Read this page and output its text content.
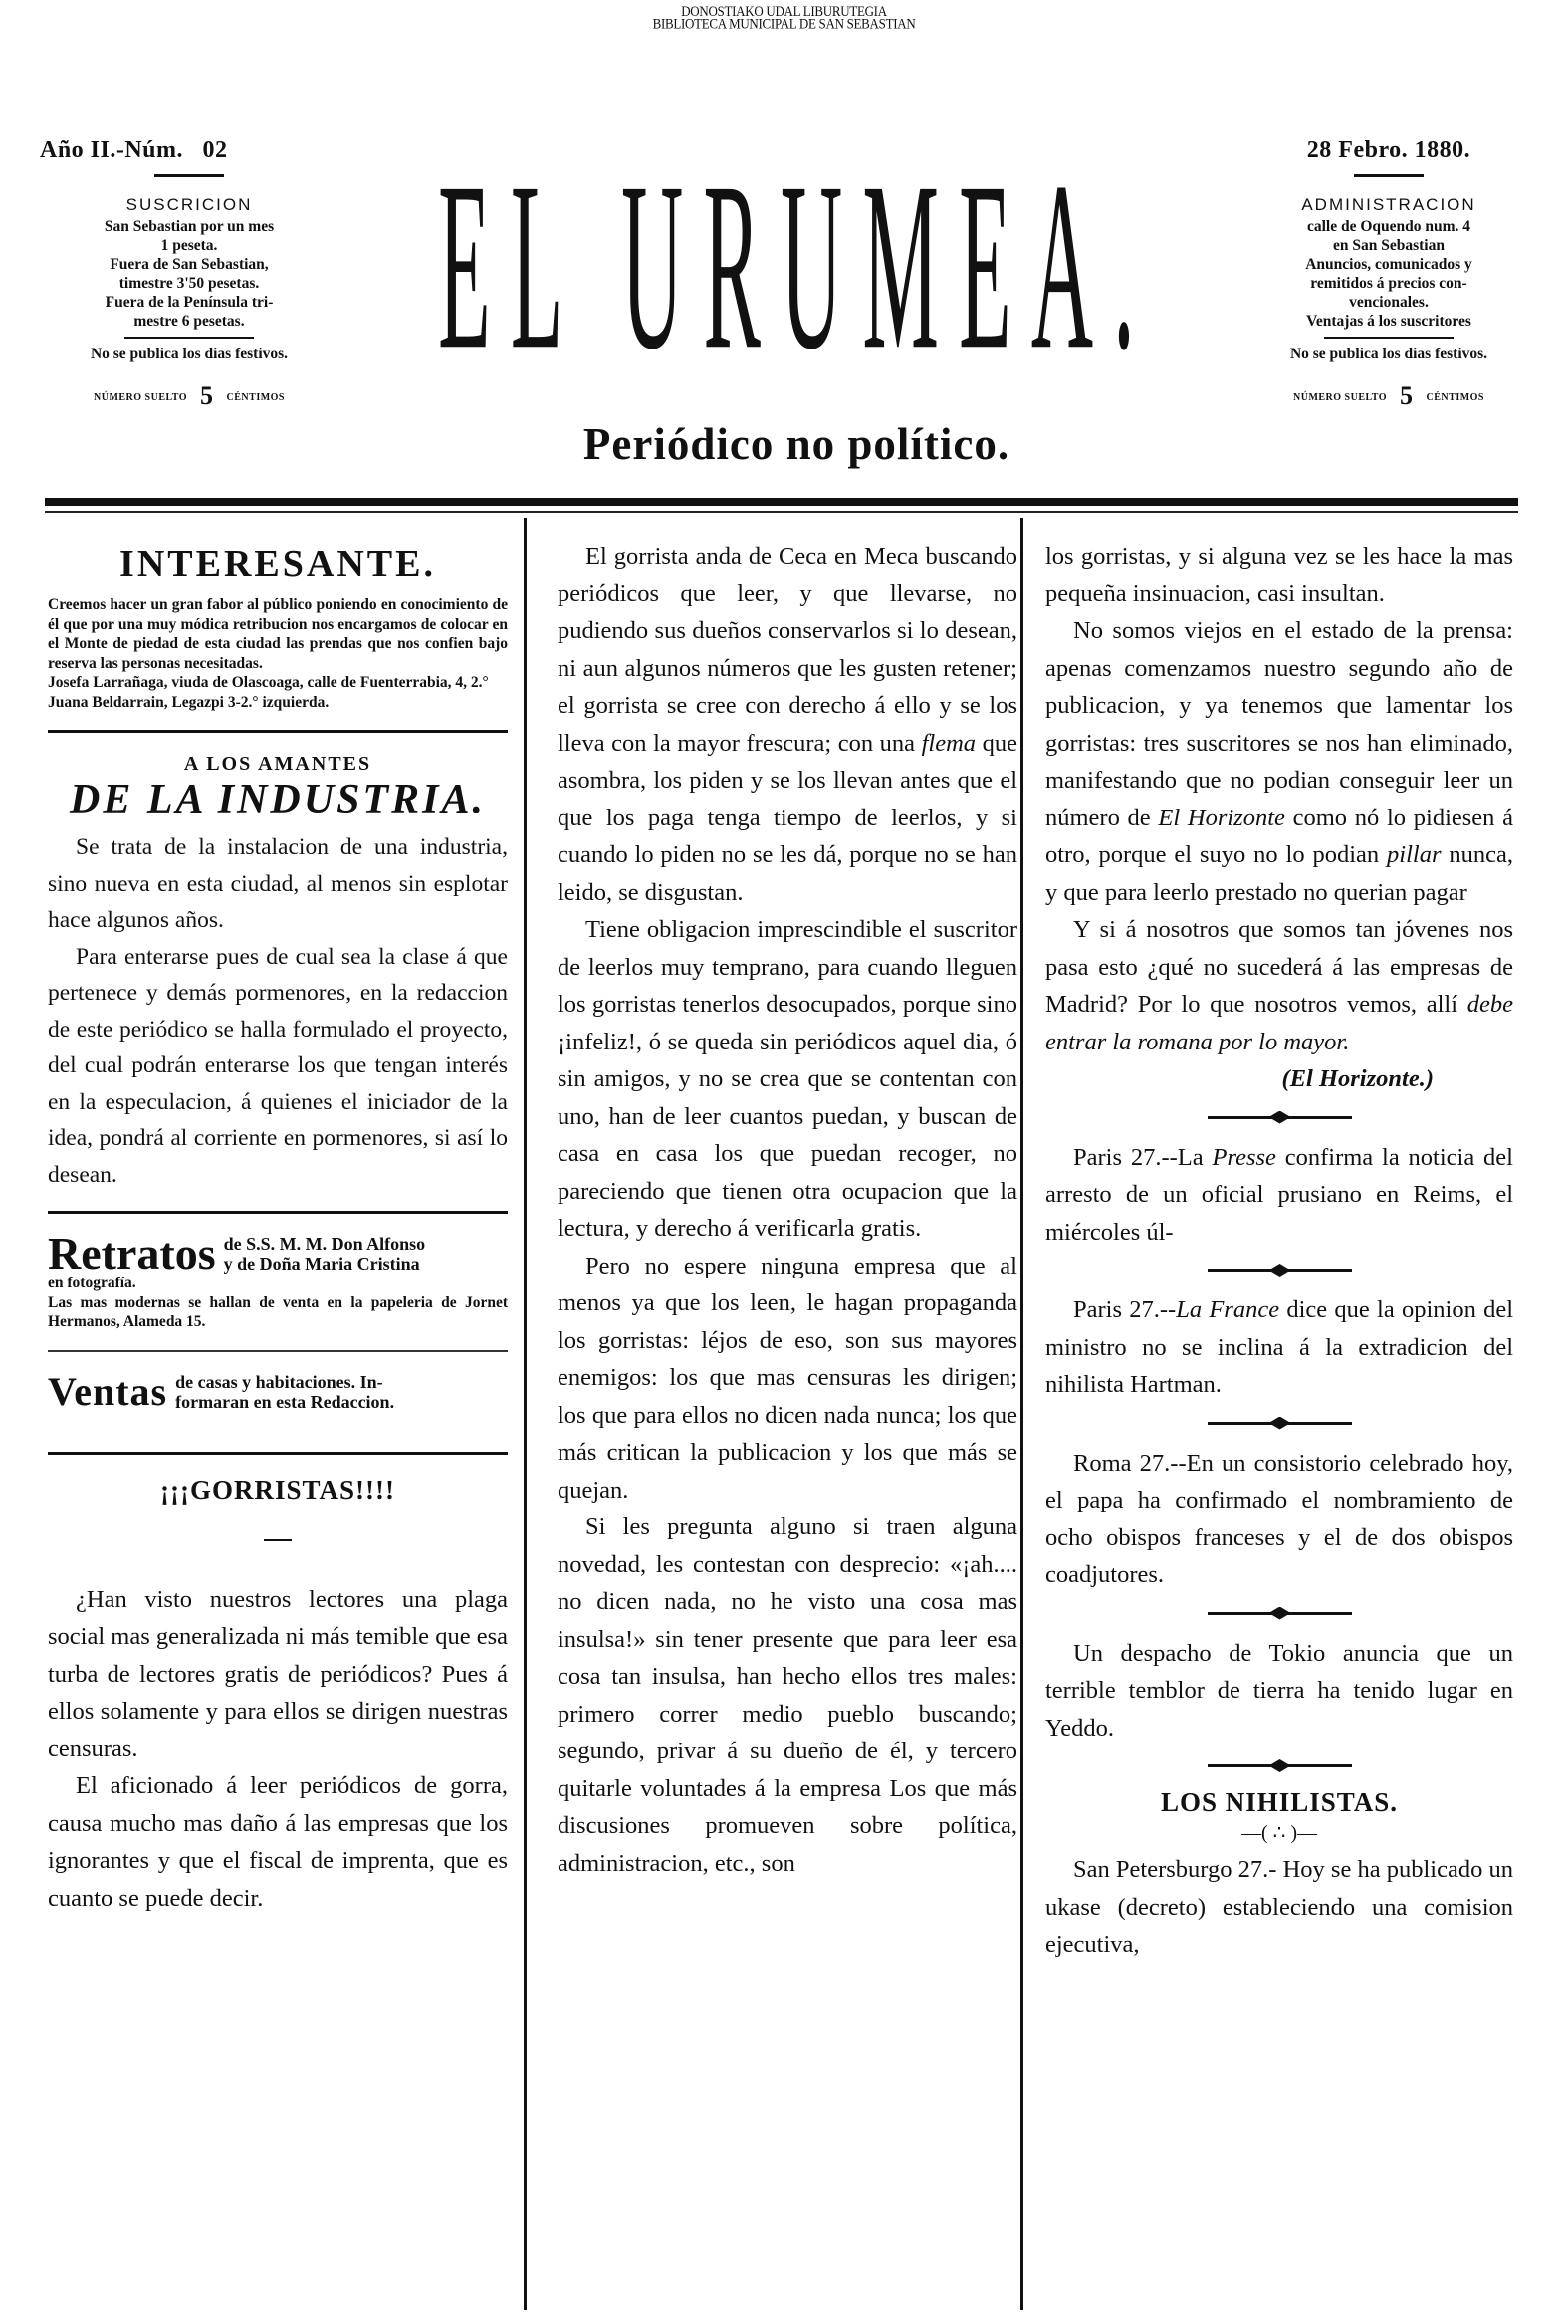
DONOSTIAKO UDAL LIBURUTEGIA
BIBLIOTECA MUNICIPAL DE SAN SEBASTIAN
Año II.-Núm.   02
SUSCRICION
San Sebastian por un mes
1 peseta.
Fuera de San Sebastian,
timestre 3'50 pesetas.
Fuera de la Península tri-
mestre 6 pesetas.
No se publica los dias festivos.
NÚMERO SUELTO 5 CÉNTIMOS EL URUMEA.
Periódico no político.
28 Febro. 1880.
ADMINISTRACION
calle de Oquendo num. 4
en San Sebastian
Anuncios, comunicados y
remitidos á precios con-
vencionales.
Ventajas á los suscritores
No se publica los dias festivos.
NÚMERO SUELTO 5 CÉNTIMOS
INTERESANTE.

Creemos hacer un gran fabor al público poniendo en conocimiento de él que por una muy módica retribucion nos encargamos de colocar en el Monte de piedad de esta ciudad las prendas que nos confien bajo reserva las personas necesitadas.

Josefa Larrañaga, viuda de Olascoaga, calle de Fuenterrabia, 4, 2.°

Juana Beldarrain, Legazpi 3-2.° izquierda.

A LOS AMANTES
DE LA INDUSTRIA.

Se trata de la instalacion de una industria, sino nueva en esta ciudad, al menos sin esplotar hace algunos años.

Para enterarse pues de cual sea la clase á que pertenece y demás pormenores, en la redaccion de este periódico se halla formulado el proyecto, del cual podrán enterarse los que tengan interés en la especulacion, á quienes el iniciador de la idea, pondrá al corriente en pormenores, si así lo desean.

Retratos de S.S. M. M. Don Alfonso
y de Doña Maria Cristina

en fotografía.

Las mas modernas se hallan de venta en la papeleria de Jornet Hermanos, Alameda 15.

Ventas de casas y habitaciones. In-
formaran en esta Redaccion.
¡¡¡GORRISTAS!!!!

¿Han visto nuestros lectores una plaga social mas generalizada ni más temible que esa turba de lectores gratis de periódicos? Pues á ellos solamente y para ellos se dirigen nuestras censuras.

El aficionado á leer periódicos de gorra, causa mucho mas daño á las empresas que los ignorantes y que el fiscal de imprenta, que es cuanto se puede decir.

El gorrista anda de Ceca en Meca buscando periódicos que leer, y que llevarse, no pudiendo sus dueños conservarlos si lo desean, ni aun algunos números que les gusten retener; el gorrista se cree con derecho á ello y se los lleva con la mayor frescura; con una flema que asombra, los piden y se los llevan antes que el que los paga tenga tiempo de leerlos, y si cuando lo piden no se les dá, porque no se han leido, se disgustan.

Tiene obligacion imprescindible el suscritor de leerlos muy temprano, para cuando lleguen los gorristas tenerlos desocupados, porque sino ¡infeliz!, ó se queda sin periódicos aquel dia, ó sin amigos, y no se crea que se contentan con uno, han de leer cuantos puedan, y buscan de casa en casa los que puedan recoger, no pareciendo que tienen otra ocupacion que la lectura, y derecho á verificarla gratis.

Pero no espere ninguna empresa que al menos ya que los leen, le hagan propaganda los gorristas: léjos de eso, son sus mayores enemigos: los que mas censuras les dirigen; los que para ellos no dicen nada nunca; los que más critican la publicacion y los que más se quejan.

Si les pregunta alguno si traen alguna novedad, les contestan con desprecio: «¡ah.... no dicen nada, no he visto una cosa mas insulsa!» sin tener presente que para leer esa cosa tan insulsa, han hecho ellos tres males: primero correr medio pueblo buscando; segundo, privar á su dueño de él, y tercero quitarle voluntades á la empresa Los que más discusiones promueven sobre política, administracion, etc., son

los gorristas, y si alguna vez se les hace la mas pequeña insinuacion, casi insultan.

No somos viejos en el estado de la prensa: apenas comenzamos nuestro segundo año de publicacion, y ya tenemos que lamentar los gorristas: tres suscritores se nos han eliminado, manifestando que no podian conseguir leer un número de El Horizonte como nó lo pidiesen á otro, porque el suyo no lo podian pillar nunca, y que para leerlo prestado no querian pagar

Y si á nosotros que somos tan jóvenes nos pasa esto ¿qué no sucederá á las empresas de Madrid? Por lo que nosotros vemos, allí debe entrar la romana por lo mayor.

(El Horizonte.)

Paris 27.--La Presse confirma la noticia del arresto de un oficial prusiano en Reims, el miércoles úl-

Paris 27.--La France dice que la opinion del ministro no se inclina á la extradicion del nihilista Hartman.

Roma 27.--En un consistorio celebrado hoy, el papa ha confirmado el nombramiento de ocho obispos franceses y el de dos obispos coadjutores.

Un despacho de Tokio anuncia que un terrible temblor de tierra ha tenido lugar en Yeddo.

LOS NIHILISTAS.
—( ∴ )—

San Petersburgo 27.- Hoy se ha publicado un ukase (decreto) estableciendo una comision ejecutiva,
